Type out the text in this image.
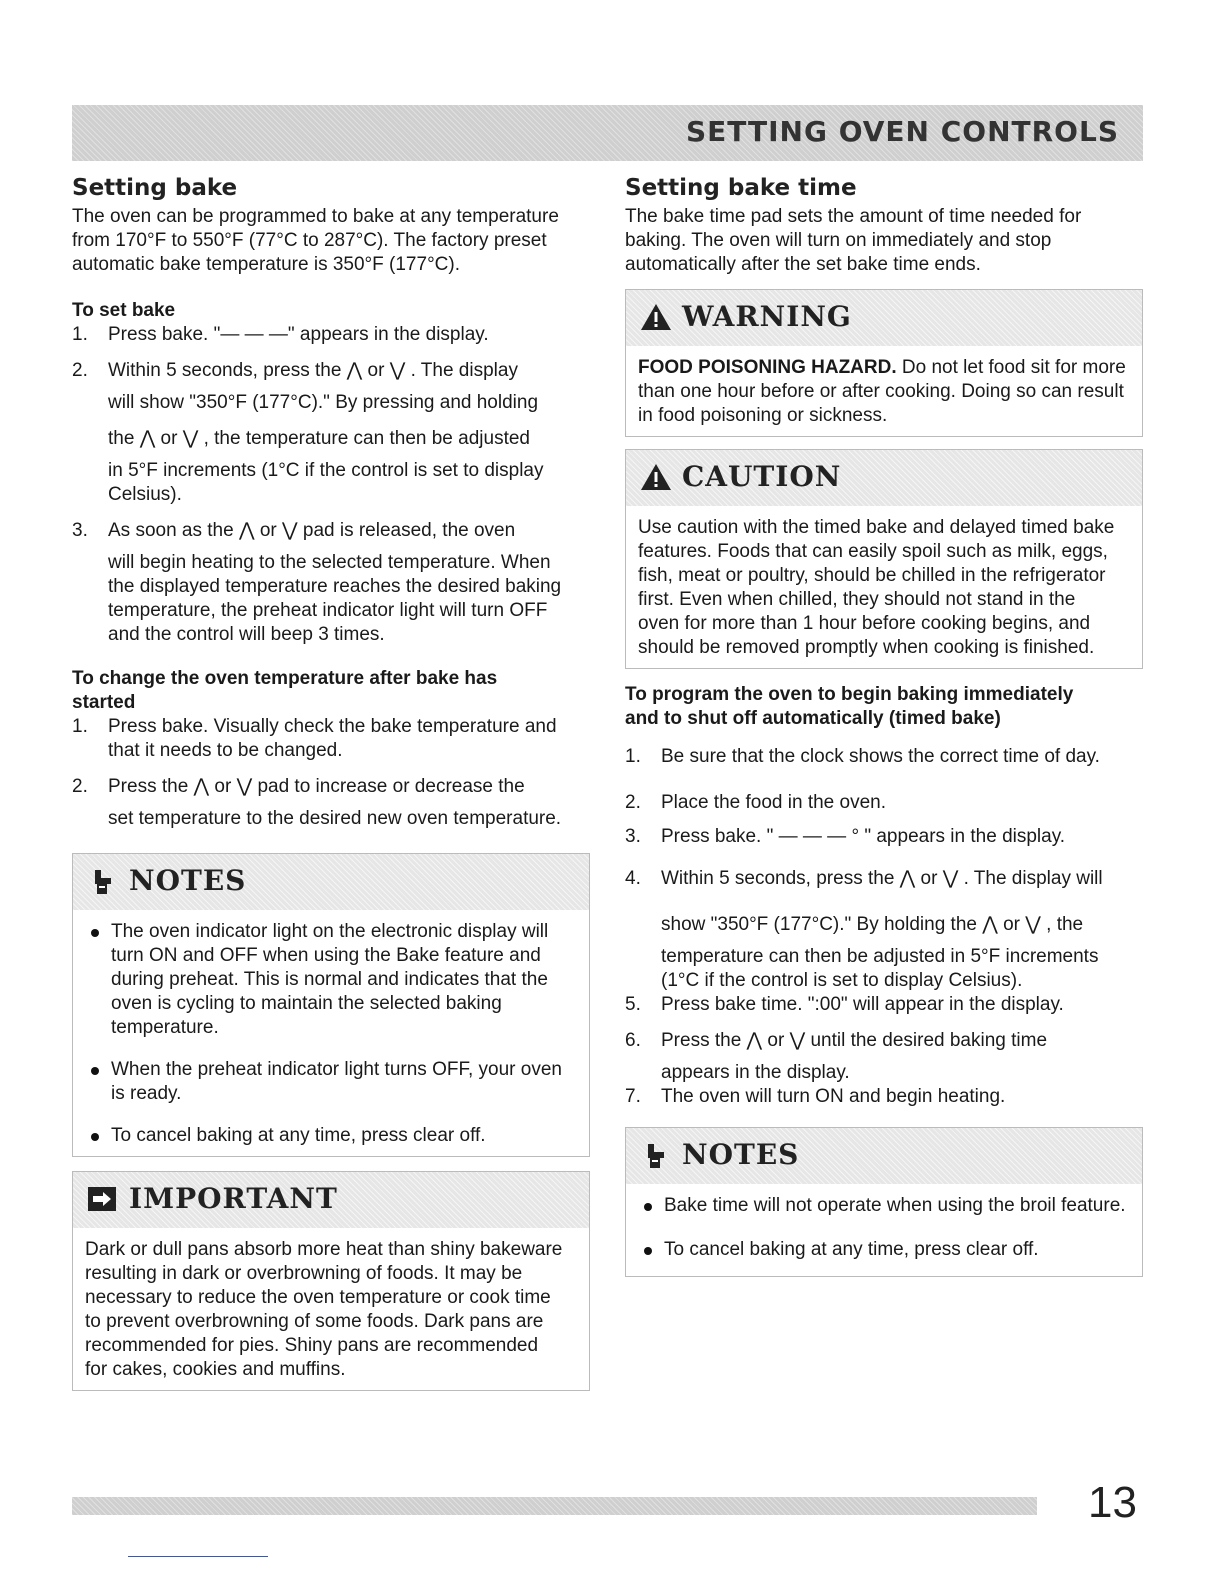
SETTING OVEN CONTROLS
Setting bake

The oven can be programmed to bake at any temperature
from 170°F to 550°F (77°C to 287°C). The factory preset
automatic bake temperature is 350°F (177°C).

To set bake
1. Press bake. "— — —" appears in the display.
2. Within 5 seconds, press the ⋀ or ⋁ . The display
will show "350°F (177°C)." By pressing and holding
the ⋀ or ⋁ , the temperature can then be adjusted
in 5°F increments (1°C if the control is set to display
Celsius).
3. As soon as the ⋀ or ⋁ pad is released, the oven
will begin heating to the selected temperature. When
the displayed temperature reaches the desired baking
temperature, the preheat indicator light will turn OFF
and the control will beep 3 times.
To change the oven temperature after bake has
started
1. Press bake. Visually check the bake temperature and
that it needs to be changed.
2. Press the ⋀ or ⋁ pad to increase or decrease the
set temperature to the desired new oven temperature.
NOTES
The oven indicator light on the electronic display will
turn ON and OFF when using the Bake feature and
during preheat. This is normal and indicates that the
oven is cycling to maintain the selected baking
temperature.
When the preheat indicator light turns OFF, your oven
is ready.
To cancel baking at any time, press clear off.
IMPORTANT
Dark or dull pans absorb more heat than shiny bakeware
resulting in dark or overbrowning of foods. It may be
necessary to reduce the oven temperature or cook time
to prevent overbrowning of some foods. Dark pans are
recommended for pies. Shiny pans are recommended
for cakes, cookies and muffins.
Setting bake time

The bake time pad sets the amount of time needed for
baking. The oven will turn on immediately and stop
automatically after the set bake time ends.

WARNING
FOOD POISONING HAZARD. Do not let food sit for more
than one hour before or after cooking. Doing so can result
in food poisoning or sickness.
CAUTION
Use caution with the timed bake and delayed timed bake
features. Foods that can easily spoil such as milk, eggs,
fish, meat or poultry, should be chilled in the refrigerator
first. Even when chilled, they should not stand in the
oven for more than 1 hour before cooking begins, and
should be removed promptly when cooking is finished.
To program the oven to begin baking immediately
and to shut off automatically (timed bake)
1. Be sure that the clock shows the correct time of day.
2. Place the food in the oven.
3. Press bake. " — — — ° " appears in the display.
4. Within 5 seconds, press the ⋀ or ⋁ . The display will
show "350°F (177°C)." By holding the ⋀ or ⋁ , the
temperature can then be adjusted in 5°F increments
(1°C if the control is set to display Celsius).
5. Press bake time. ":00" will appear in the display.
6. Press the ⋀ or ⋁ until the desired baking time
appears in the display.
7. The oven will turn ON and begin heating.
NOTES
Bake time will not operate when using the broil feature.
To cancel baking at any time, press clear off.
13
